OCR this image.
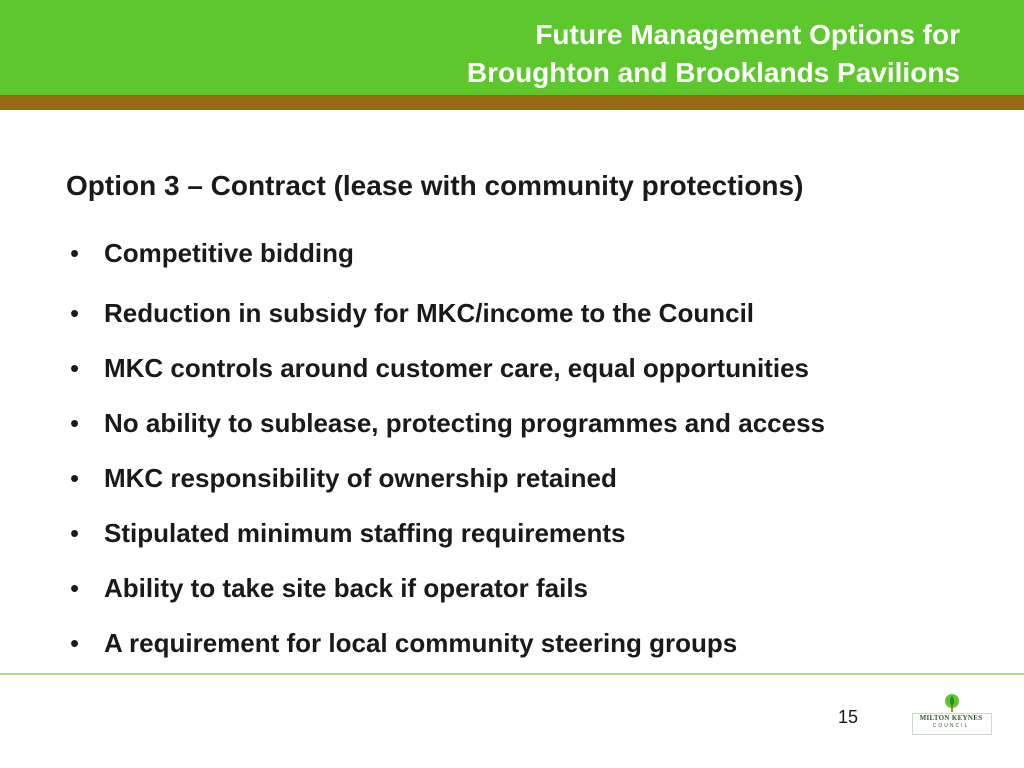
Future Management Options for
Broughton and Brooklands Pavilions
Option 3 – Contract (lease with community protections)
• Competitive bidding
• Reduction in subsidy for MKC/income to the Council
• MKC controls around customer care, equal opportunities
• No ability to sublease, protecting programmes and access
• MKC responsibility of ownership retained
• Stipulated minimum staffing requirements
• Ability to take site back if operator fails
• A requirement for local community steering groups
15	MILTON KEYNES
COUNCIL
